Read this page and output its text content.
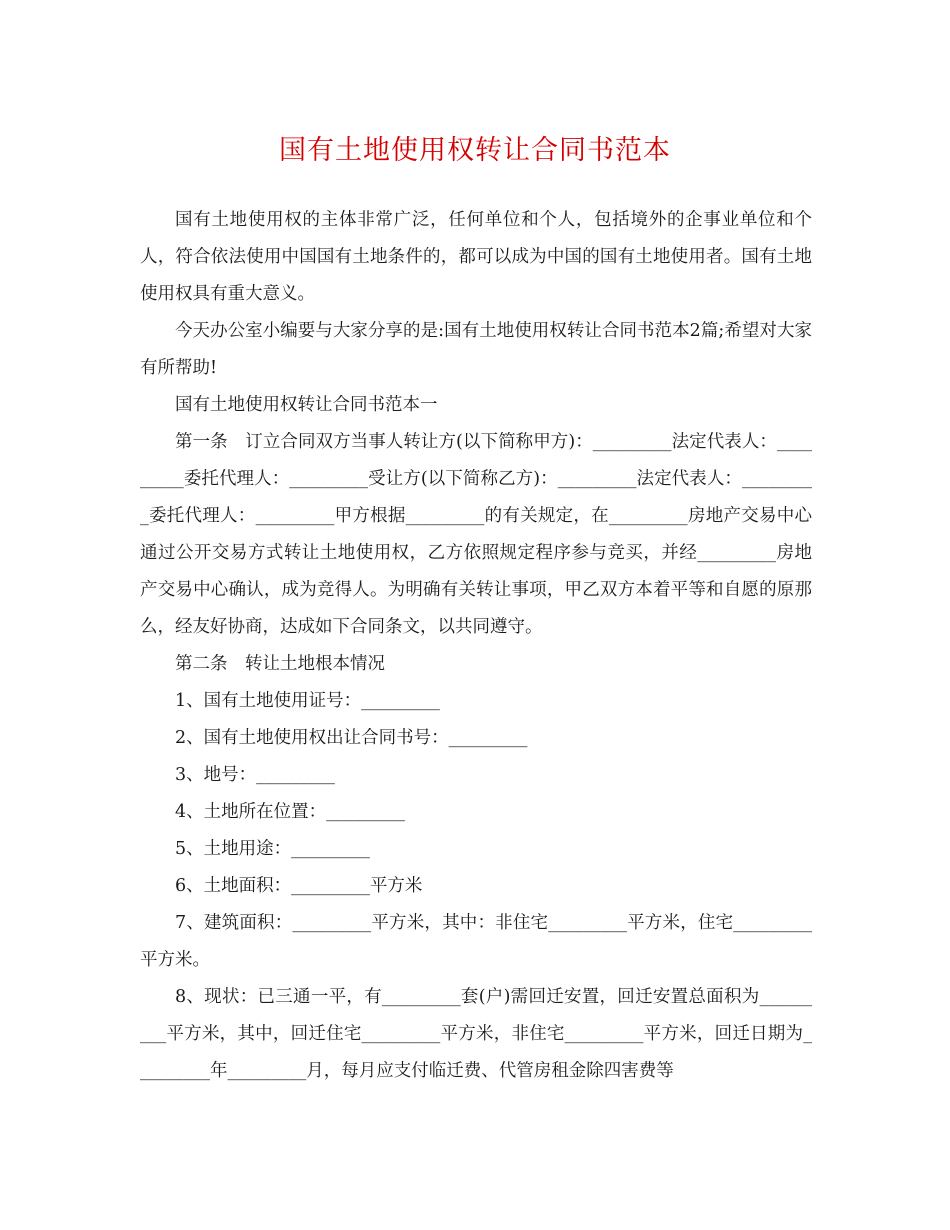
国有土地使用权转让合同书范本

国有土地使用权的主体非常广泛，任何单位和个人，包括境外的企事业单位和个人，符合依法使用中国国有土地条件的，都可以成为中国的国有土地使用者。国有土地使用权具有重大意义。

今天办公室小编要与大家分享的是:国有土地使用权转让合同书范本2篇;希望对大家有所帮助!

国有土地使用权转让合同书范本一

第一条　订立合同双方当事人转让方(以下简称甲方)：_________法定代表人：_________委托代理人：_________受让方(以下简称乙方)：_________法定代表人：_________委托代理人：_________甲方根据_________的有关规定，在_________房地产交易中心通过公开交易方式转让土地使用权，乙方依照规定程序参与竞买，并经_________房地产交易中心确认，成为竞得人。为明确有关转让事项，甲乙双方本着平等和自愿的原那么，经友好协商，达成如下合同条文，以共同遵守。

第二条　转让土地根本情况

1、国有土地使用证号：_________

2、国有土地使用权出让合同书号：_________

3、地号：_________

4、土地所在位置：_________

5、土地用途：_________

6、土地面积：_________平方米

7、建筑面积：_________平方米，其中：非住宅_________平方米，住宅_________平方米。

8、现状：已三通一平，有_________套(户)需回迁安置，回迁安置总面积为_________平方米，其中，回迁住宅_________平方米，非住宅_________平方米，回迁日期为_________年_________月，每月应支付临迁费、代管房租金除四害费等
